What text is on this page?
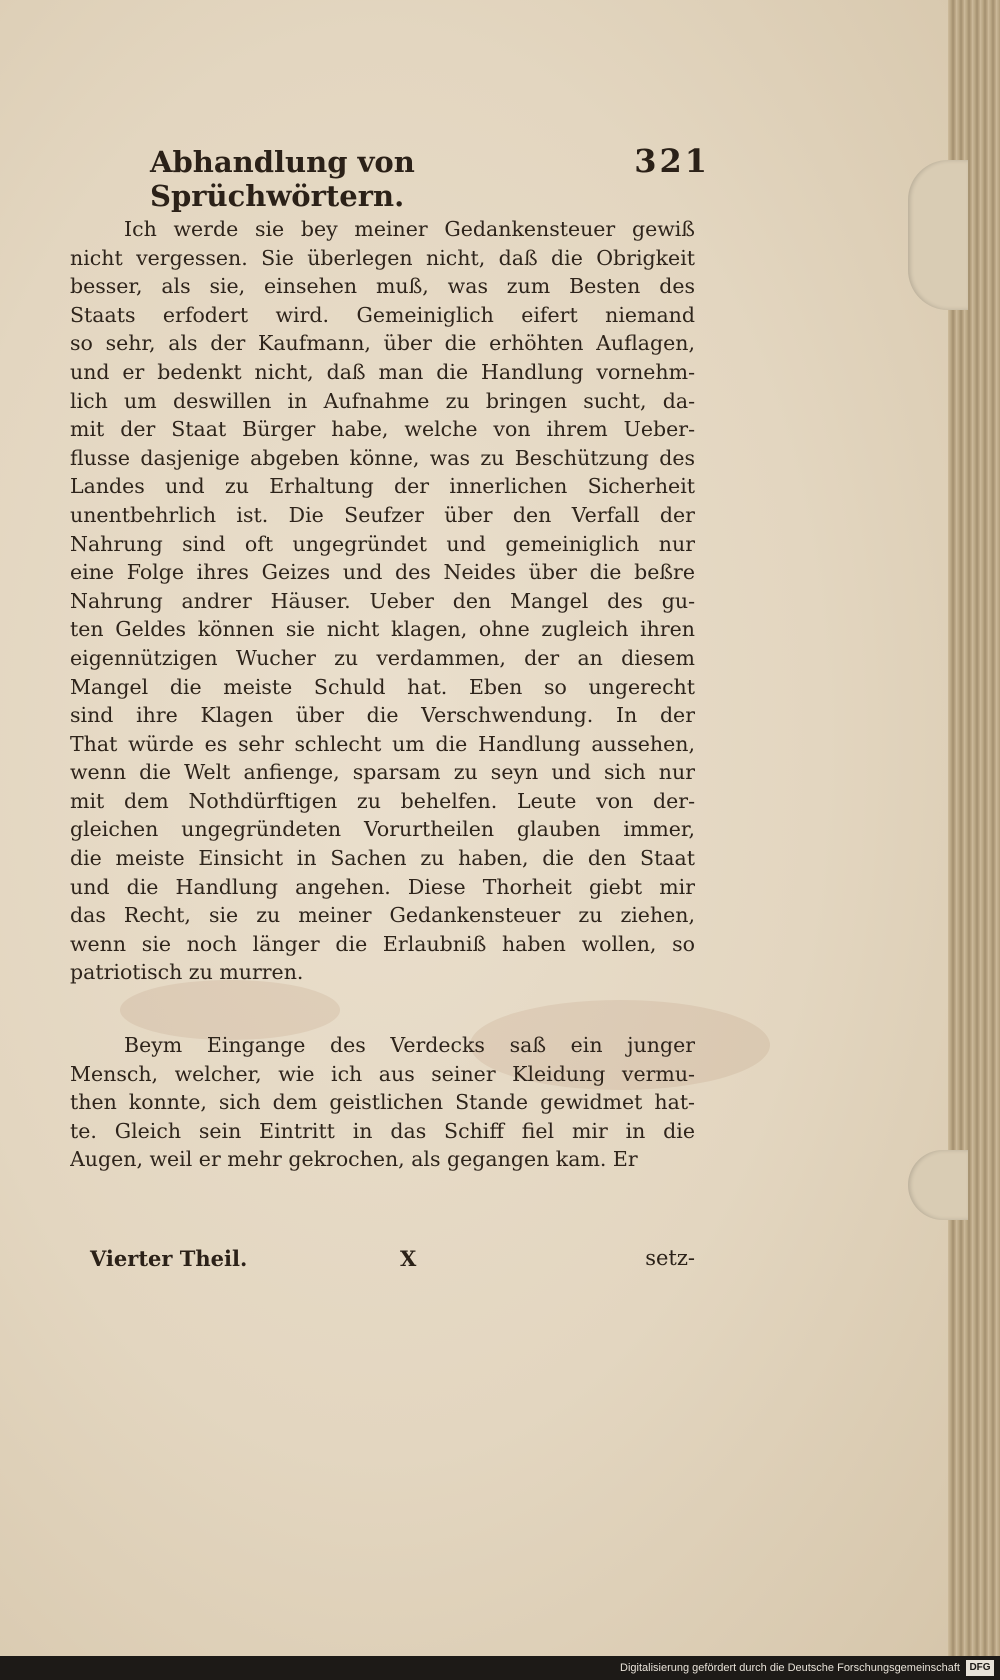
Abhandlung von Sprüchwörtern.
321
Ich werde sie bey meiner Gedankensteuer gewiß
nicht vergessen. Sie überlegen nicht, daß die Obrigkeit
besser, als sie, einsehen muß, was zum Besten des
Staats erfodert wird. Gemeiniglich eifert niemand
so sehr, als der Kaufmann, über die erhöhten Auflagen,
und er bedenkt nicht, daß man die Handlung vornehm-
lich um deswillen in Aufnahme zu bringen sucht, da-
mit der Staat Bürger habe, welche von ihrem Ueber-
flusse dasjenige abgeben könne, was zu Beschützung des
Landes und zu Erhaltung der innerlichen Sicherheit
unentbehrlich ist. Die Seufzer über den Verfall der
Nahrung sind oft ungegründet und gemeiniglich nur
eine Folge ihres Geizes und des Neides über die beßre
Nahrung andrer Häuser. Ueber den Mangel des gu-
ten Geldes können sie nicht klagen, ohne zugleich ihren
eigennützigen Wucher zu verdammen, der an diesem
Mangel die meiste Schuld hat. Eben so ungerecht
sind ihre Klagen über die Verschwendung. In der
That würde es sehr schlecht um die Handlung aussehen,
wenn die Welt anfienge, sparsam zu seyn und sich nur
mit dem Nothdürftigen zu behelfen. Leute von der-
gleichen ungegründeten Vorurtheilen glauben immer,
die meiste Einsicht in Sachen zu haben, die den Staat
und die Handlung angehen. Diese Thorheit giebt mir
das Recht, sie zu meiner Gedankensteuer zu ziehen,
wenn sie noch länger die Erlaubniß haben wollen, so
patriotisch zu murren.
Beym Eingange des Verdecks saß ein junger
Mensch, welcher, wie ich aus seiner Kleidung vermu-
then konnte, sich dem geistlichen Stande gewidmet hat-
te. Gleich sein Eintritt in das Schiff fiel mir in die
Augen, weil er mehr gekrochen, als gegangen kam. Er
Vierter Theil.	X	setz-
Digitalisierung gefördert durch die Deutsche Forschungsgemeinschaft DFG
